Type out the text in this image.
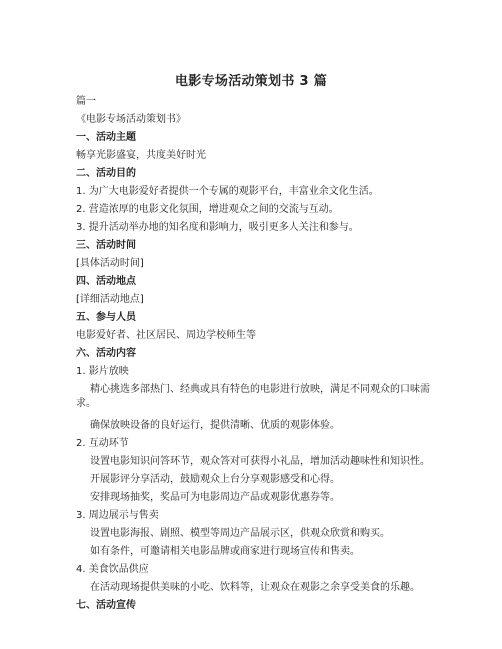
电影专场活动策划书 3 篇
篇一
《电影专场活动策划书》
一、活动主题
畅享光影盛宴，共度美好时光
二、活动目的
1. 为广大电影爱好者提供一个专属的观影平台，丰富业余文化生活。
2. 营造浓厚的电影文化氛围，增进观众之间的交流与互动。
3. 提升活动举办地的知名度和影响力，吸引更多人关注和参与。
三、活动时间
[具体活动时间]
四、活动地点
[详细活动地点]
五、参与人员
电影爱好者、社区居民、周边学校师生等
六、活动内容
1. 影片放映
精心挑选多部热门、经典或具有特色的电影进行放映，满足不同观众的口味需求。
确保放映设备的良好运行，提供清晰、优质的观影体验。
2. 互动环节
设置电影知识问答环节，观众答对可获得小礼品，增加活动趣味性和知识性。
开展影评分享活动，鼓励观众上台分享观影感受和心得。
安排现场抽奖，奖品可为电影周边产品或观影优惠券等。
3. 周边展示与售卖
设置电影海报、剧照、模型等周边产品展示区，供观众欣赏和购买。
如有条件，可邀请相关电影品牌或商家进行现场宣传和售卖。
4. 美食饮品供应
在活动现场提供美味的小吃、饮料等，让观众在观影之余享受美食的乐趣。
七、活动宣传
